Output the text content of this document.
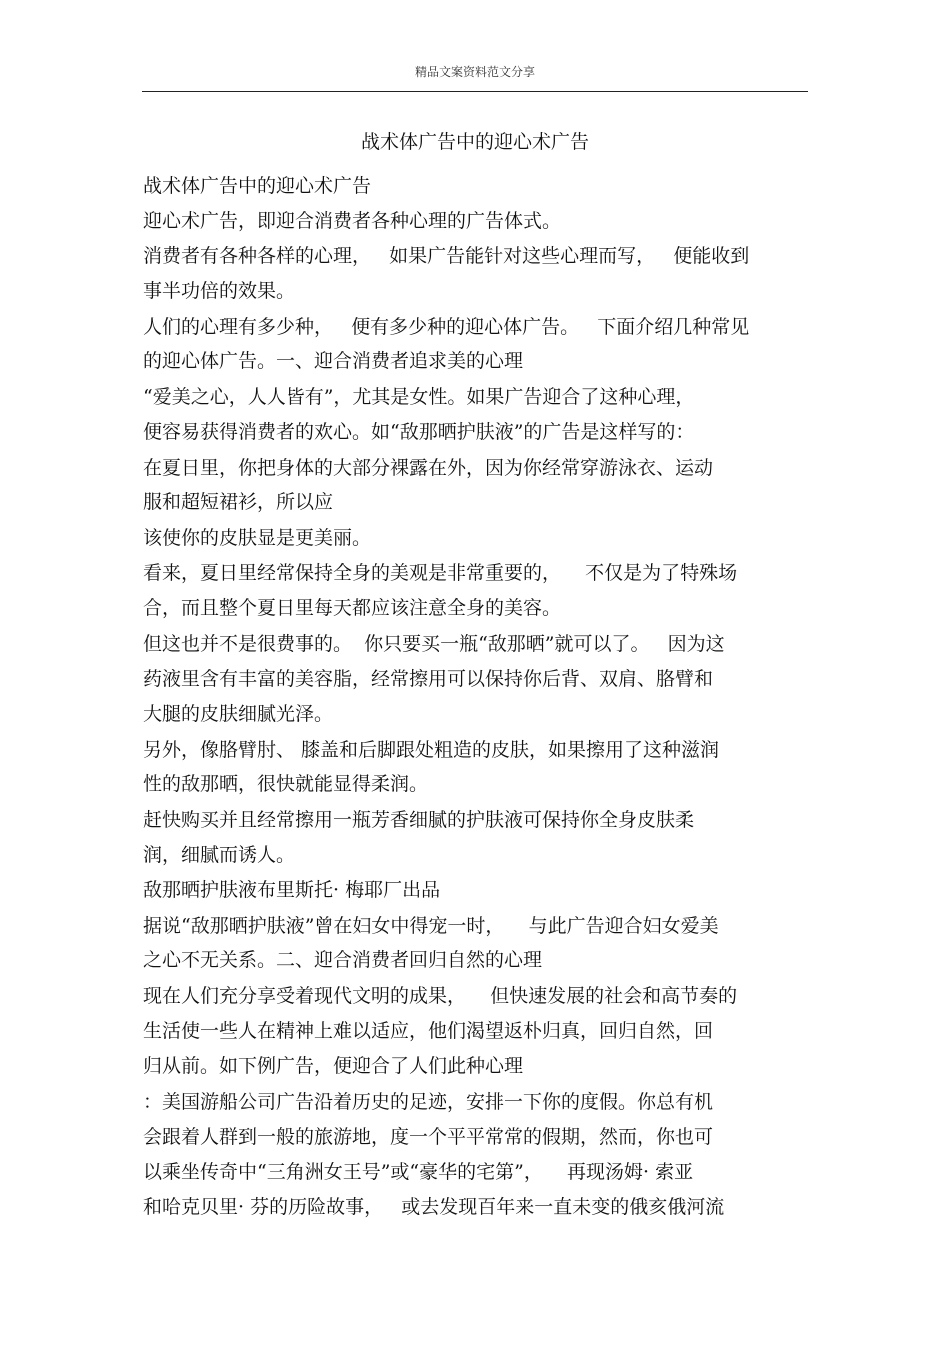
精品文案资料范文分享
战术体广告中的迎心术广告
战术体广告中的迎心术广告
迎心术广告，即迎合消费者各种心理的广告体式。
消费者有各种各样的心理，   如果广告能针对这些心理而写，   便能收到
事半功倍的效果。
人们的心理有多少种，   便有多少种的迎心体广告。   下面介绍几种常见
的迎心体广告。一、迎合消费者追求美的心理
“爱美之心，人人皆有”，尤其是女性。如果广告迎合了这种心理，
便容易获得消费者的欢心。如“敌那晒护肤液”的广告是这样写的：
在夏日里，你把身体的大部分裸露在外，因为你经常穿游泳衣、运动
服和超短裙衫，所以应
该使你的皮肤显是更美丽。
看来，夏日里经常保持全身的美观是非常重要的，    不仅是为了特殊场
合，而且整个夏日里每天都应该注意全身的美容。
但这也并不是很费事的。  你只要买一瓶“敌那晒”就可以了。   因为这
药液里含有丰富的美容脂，经常擦用可以保持你后背、双肩、胳臂和
大腿的皮肤细腻光泽。
另外，像胳臂肘、 膝盖和后脚跟处粗造的皮肤，如果擦用了这种滋润
性的敌那晒，很快就能显得柔润。
赶快购买并且经常擦用一瓶芳香细腻的护肤液可保持你全身皮肤柔
润，细腻而诱人。
敌那晒护肤液布里斯托· 梅耶厂出品
据说“敌那晒护肤液”曾在妇女中得宠一时，    与此广告迎合妇女爱美
之心不无关系。二、迎合消费者回归自然的心理
现在人们充分享受着现代文明的成果，    但快速发展的社会和高节奏的
生活使一些人在精神上难以适应，他们渴望返朴归真，回归自然，回
归从前。如下例广告，便迎合了人们此种心理
：美国游船公司广告沿着历史的足迹，安排一下你的度假。你总有机
会跟着人群到一般的旅游地，度一个平平常常的假期，然而，你也可
以乘坐传奇中“三角洲女王号”或“豪华的宅第”，    再现汤姆· 索亚
和哈克贝里· 芬的历险故事，   或去发现百年来一直未变的俄亥俄河流
